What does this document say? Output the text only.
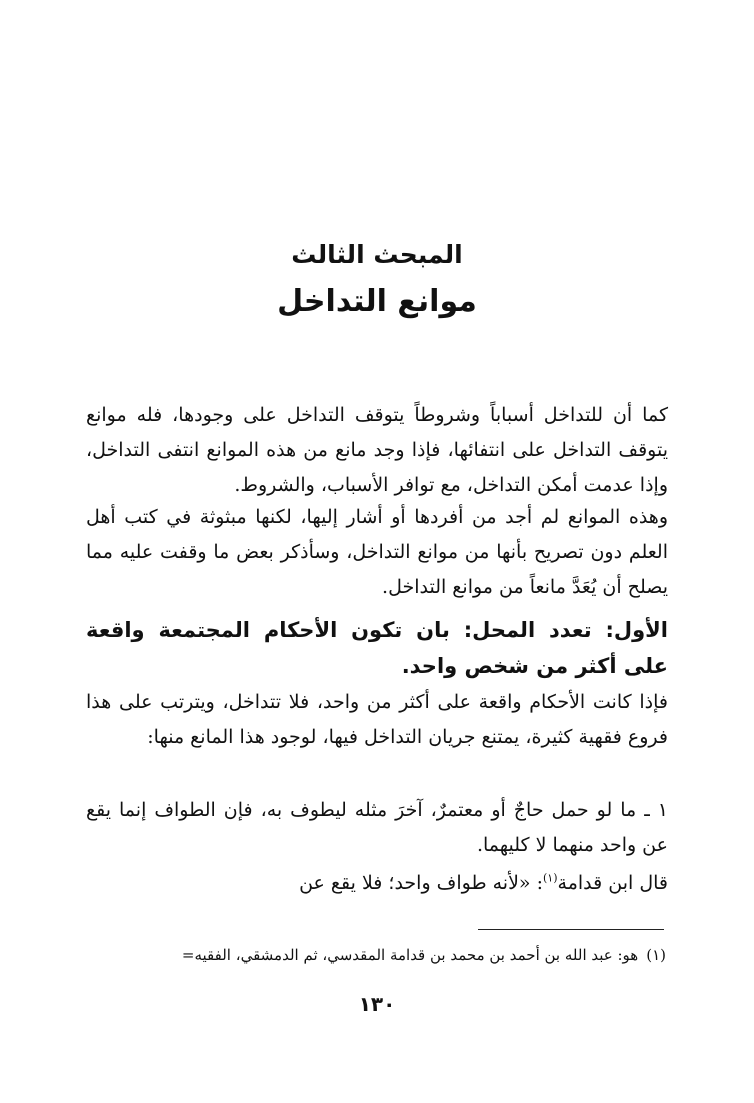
المبحث الثالث
موانع التداخل

كما أن للتداخل أسباباً وشروطاً يتوقف التداخل على وجودها، فله موانع يتوقف التداخل على انتفائها، فإذا وجد مانع من هذه الموانع انتفى التداخل، وإذا عدمت أمكن التداخل، مع توافر الأسباب، والشروط.

وهذه الموانع لم أجد من أفردها أو أشار إليها، لكنها مبثوثة في كتب أهل العلم دون تصريح بأنها من موانع التداخل، وسأذكر بعض ما وقفت عليه مما يصلح أن يُعَدَّ مانعاً من موانع التداخل.

الأول: تعدد المحل: بان تكون الأحكام المجتمعة واقعة على أكثر من شخص واحد.

فإذا كانت الأحكام واقعة على أكثر من واحد، فلا تتداخل، ويترتب على هذا فروع فقهية كثيرة، يمتنع جريان التداخل فيها، لوجود هذا المانع منها:

١ ـ ما لو حمل حاجٌ أو معتمرٌ، آخرَ مثله ليطوف به، فإن الطواف إنما يقع عن واحد منهما لا كليهما.

قال ابن قدامة$^{(١)}$: «لأنه طواف واحد؛ فلا يقع عن

(١)هو: عبد الله بن أحمد بن محمد بن قدامة المقدسي، ثم الدمشقي، الفقيه=
١٣٠
